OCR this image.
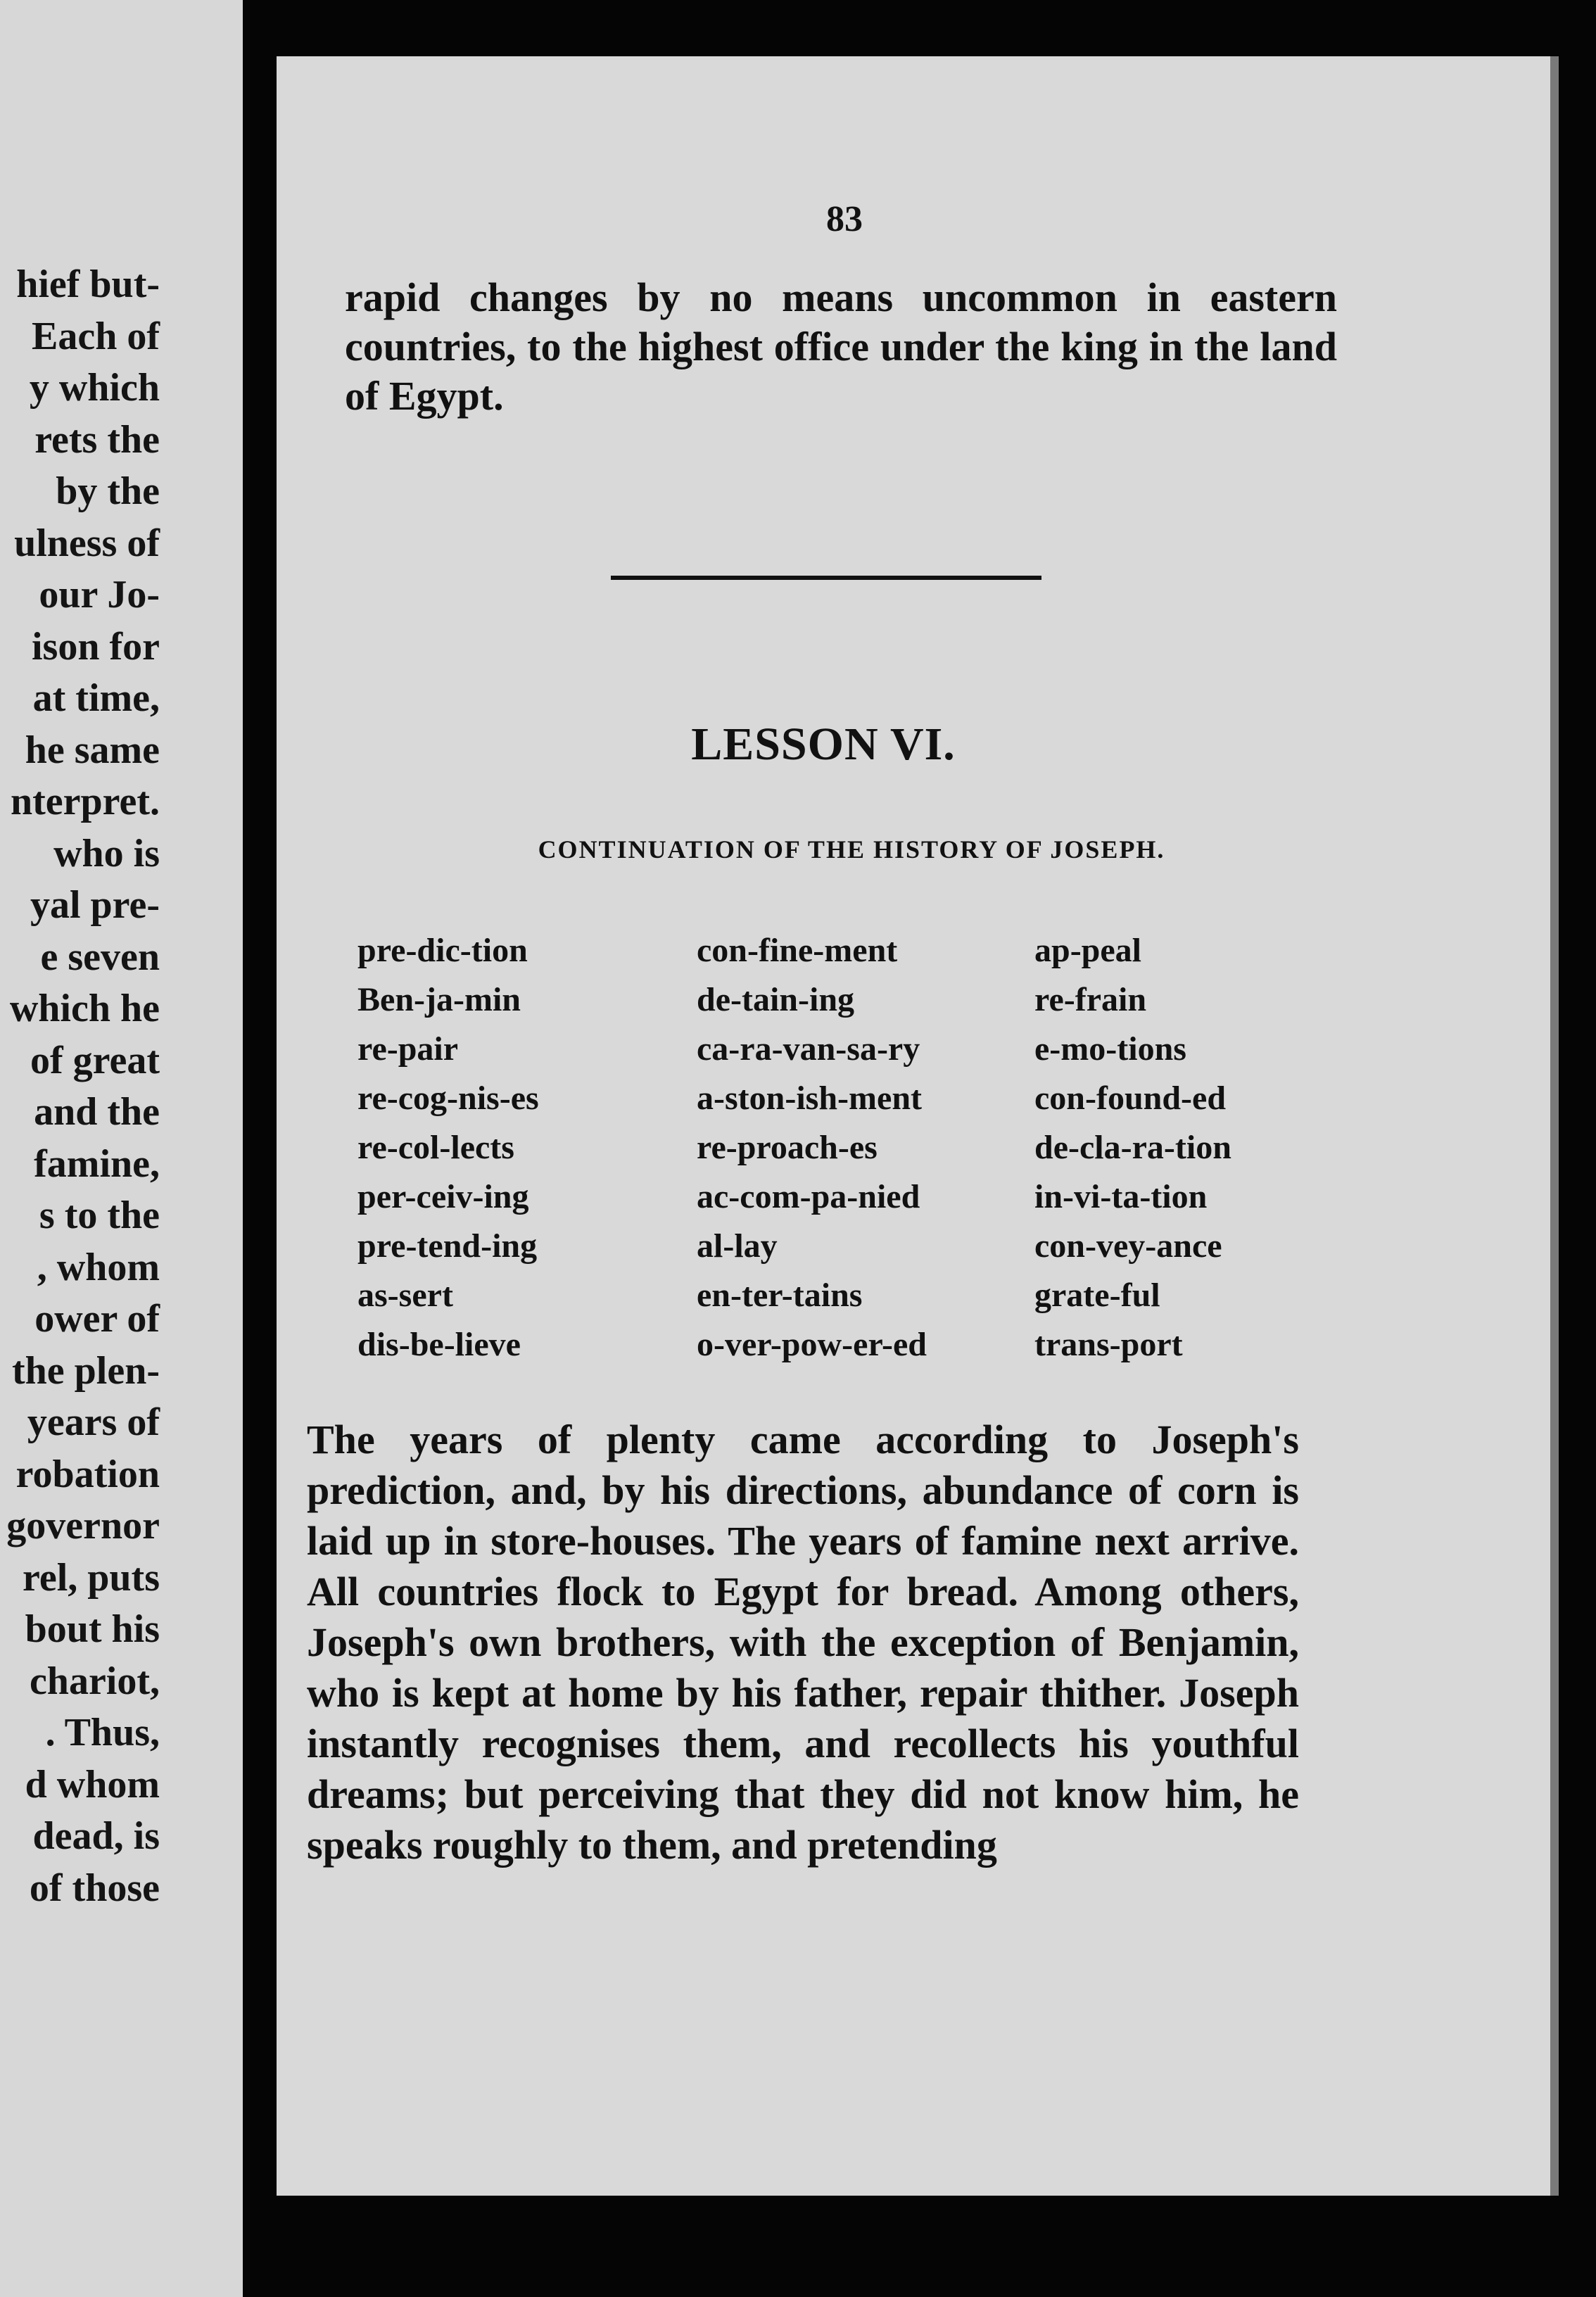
hief but-
Each of
y which
rets the
by the
ulness of
our Jo-
ison for
at time,
he same
nterpret.
who is
yal pre-
e seven
which he
of great
and the
famine,
s to the
, whom
ower of
the plen-
years of
robation
governor
rel, puts
bout his
chariot,
. Thus,
d whom
dead, is
of those
83
rapid changes by no means uncommon in eastern countries, to the highest office under the king in the land of Egypt.
LESSON VI.
CONTINUATION OF THE HISTORY OF JOSEPH.
pre-dic-tion
Ben-ja-min
re-pair
re-cog-nis-es
re-col-lects
per-ceiv-ing
pre-tend-ing
as-sert
dis-be-lieve
con-fine-ment
de-tain-ing
ca-ra-van-sa-ry
a-ston-ish-ment
re-proach-es
ac-com-pa-nied
al-lay
en-ter-tains
o-ver-pow-er-ed
ap-peal
re-frain
e-mo-tions
con-found-ed
de-cla-ra-tion
in-vi-ta-tion
con-vey-ance
grate-ful
trans-port
The years of plenty came according to Joseph's prediction, and, by his directions, abundance of corn is laid up in store-houses. The years of famine next arrive. All countries flock to Egypt for bread. Among others, Joseph's own brothers, with the exception of Benjamin, who is kept at home by his father, repair thither. Joseph instantly recognises them, and recollects his youthful dreams; but perceiving that they did not know him, he speaks roughly to them, and pretending
